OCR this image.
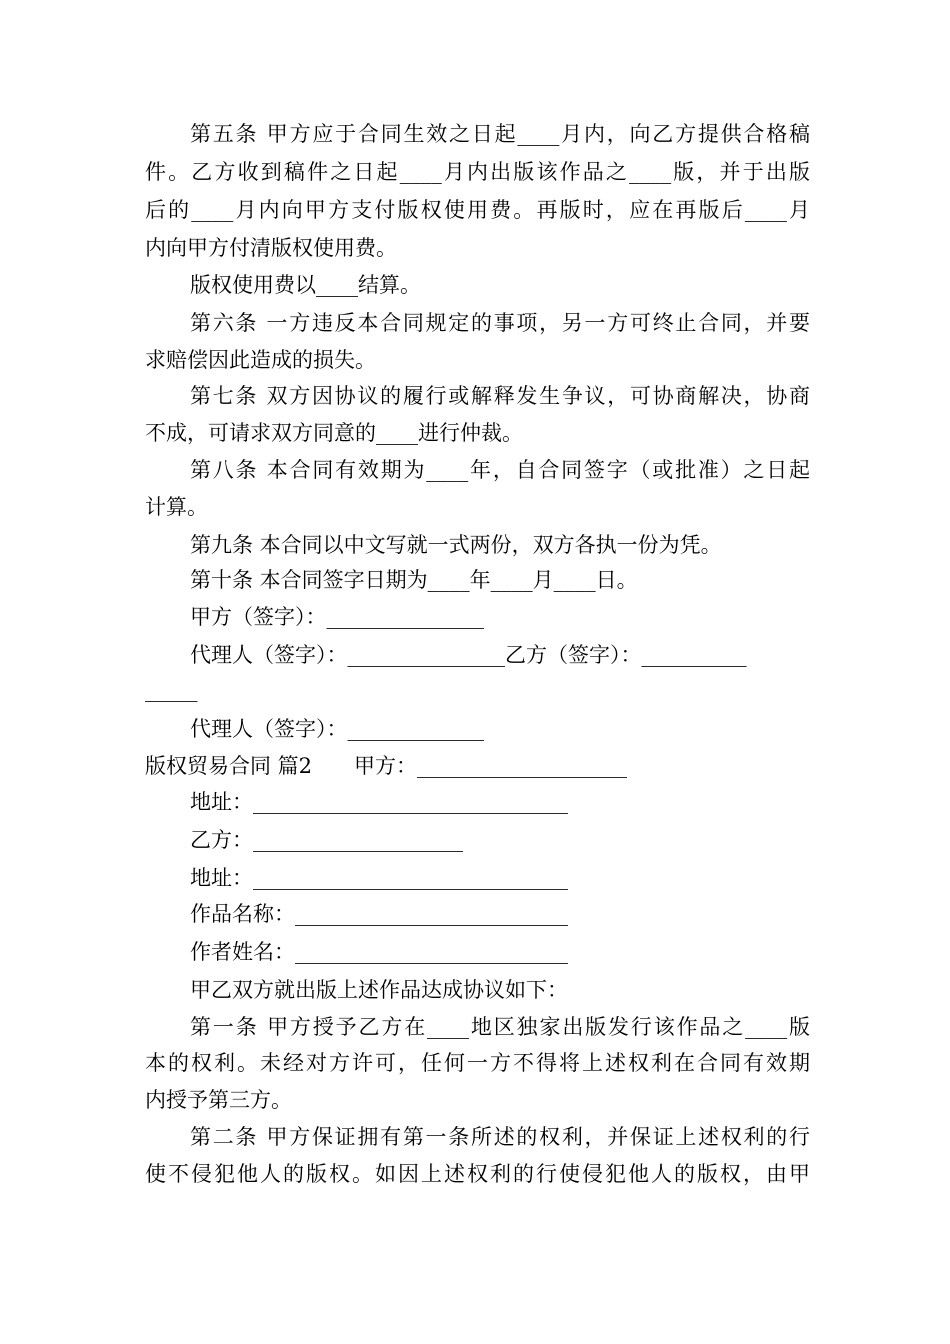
第五条 甲方应于合同生效之日起____月内，向乙方提供合格稿
件。乙方收到稿件之日起____月内出版该作品之____版，并于出版
后的____月内向甲方支付版权使用费。再版时，应在再版后____月
内向甲方付清版权使用费。
版权使用费以____结算。
第六条 一方违反本合同规定的事项，另一方可终止合同，并要
求赔偿因此造成的损失。
第七条 双方因协议的履行或解释发生争议，可协商解决，协商
不成，可请求双方同意的____进行仲裁。
第八条 本合同有效期为____年，自合同签字（或批准）之日起
计算。
第九条 本合同以中文写就一式两份，双方各执一份为凭。
第十条 本合同签字日期为____年____月____日。
甲方（签字）：_______________
代理人（签字）：_______________乙方（签字）：__________
_____
代理人（签字）：_____________
版权贸易合同 篇2　　甲方：____________________
地址：______________________________
乙方：____________________
地址：______________________________
作品名称：__________________________
作者姓名：__________________________
甲乙双方就出版上述作品达成协议如下：
第一条 甲方授予乙方在____地区独家出版发行该作品之____版
本的权利。未经对方许可，任何一方不得将上述权利在合同有效期
内授予第三方。
第二条 甲方保证拥有第一条所述的权利，并保证上述权利的行
使不侵犯他人的版权。如因上述权利的行使侵犯他人的版权，由甲
